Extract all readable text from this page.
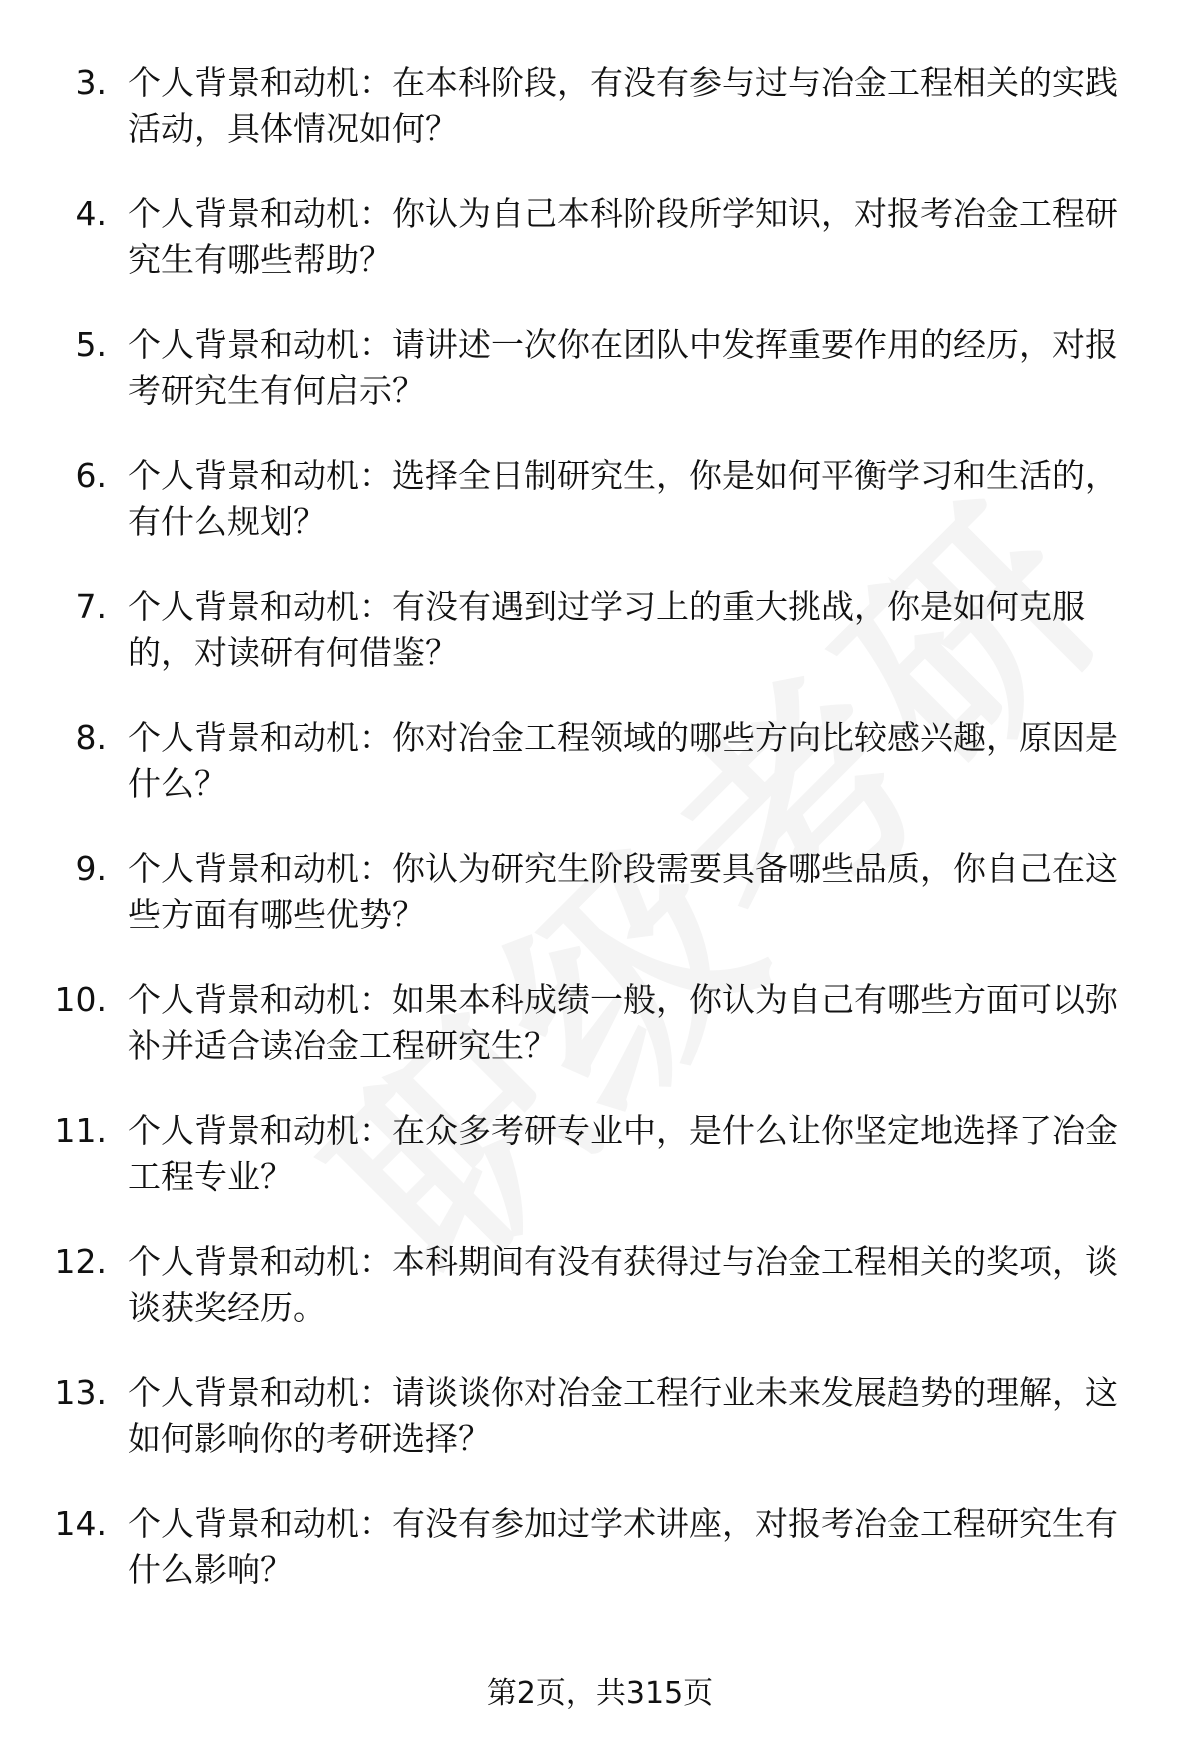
3. 个人背景和动机：在本科阶段，有没有参与过与冶金工程相关的实践活动，具体情况如何？
4. 个人背景和动机：你认为自己本科阶段所学知识，对报考冶金工程研究生有哪些帮助？
5. 个人背景和动机：请讲述一次你在团队中发挥重要作用的经历，对报考研究生有何启示？
6. 个人背景和动机：选择全日制研究生，你是如何平衡学习和生活的，有什么规划？
7. 个人背景和动机：有没有遇到过学习上的重大挑战，你是如何克服的，对读研有何借鉴？
8. 个人背景和动机：你对冶金工程领域的哪些方向比较感兴趣，原因是什么？
9. 个人背景和动机：你认为研究生阶段需要具备哪些品质，你自己在这些方面有哪些优势？
10. 个人背景和动机：如果本科成绩一般，你认为自己有哪些方面可以弥补并适合读冶金工程研究生？
11. 个人背景和动机：在众多考研专业中，是什么让你坚定地选择了冶金工程专业？
12. 个人背景和动机：本科期间有没有获得过与冶金工程相关的奖项，谈谈获奖经历。
13. 个人背景和动机：请谈谈你对冶金工程行业未来发展趋势的理解，这如何影响你的考研选择？
14. 个人背景和动机：有没有参加过学术讲座，对报考冶金工程研究生有什么影响？
第2页，共315页
